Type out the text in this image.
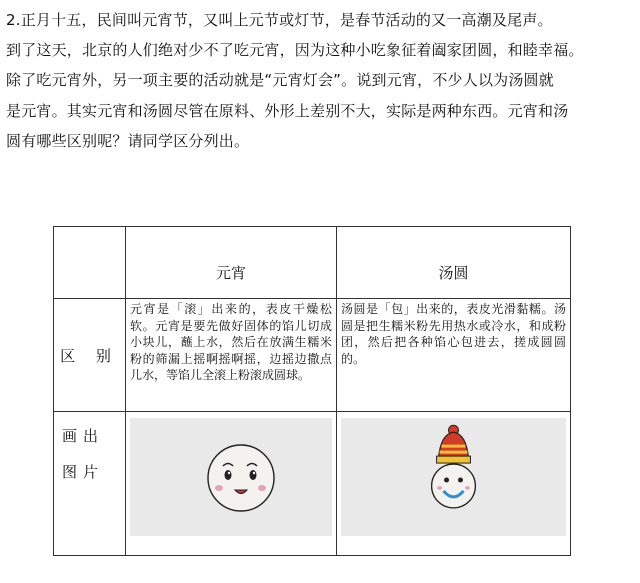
2.正月十五，民间叫元宵节，又叫上元节或灯节，是春节活动的又一高潮及尾声。
到了这天，北京的人们绝对少不了吃元宵，因为这种小吃象征着阖家团圆，和睦幸福。
除了吃元宵外，另一项主要的活动就是“元宵灯会”。说到元宵，不少人以为汤圆就
是元宵。其实元宵和汤圆尽管在原料、外形上差别不大，实际是两种东西。元宵和汤
圆有哪些区别呢？请同学区分列出。
	元宵	汤圆
区 别	元宵是「滚」出来的，表皮干燥松软。元宵是要先做好固体的馅儿切成小块儿，蘸上水，然后在放满生糯米粉的筛漏上摇啊摇啊摇，边摇边撒点儿水，等馅儿全滚上粉滚成圆球。	汤圆是「包」出来的，表皮光滑黏糯。汤圆是把生糯米粉先用热水或冷水，和成粉团，然后把各种馅心包进去，搓成圆圆的。
画出图片	
